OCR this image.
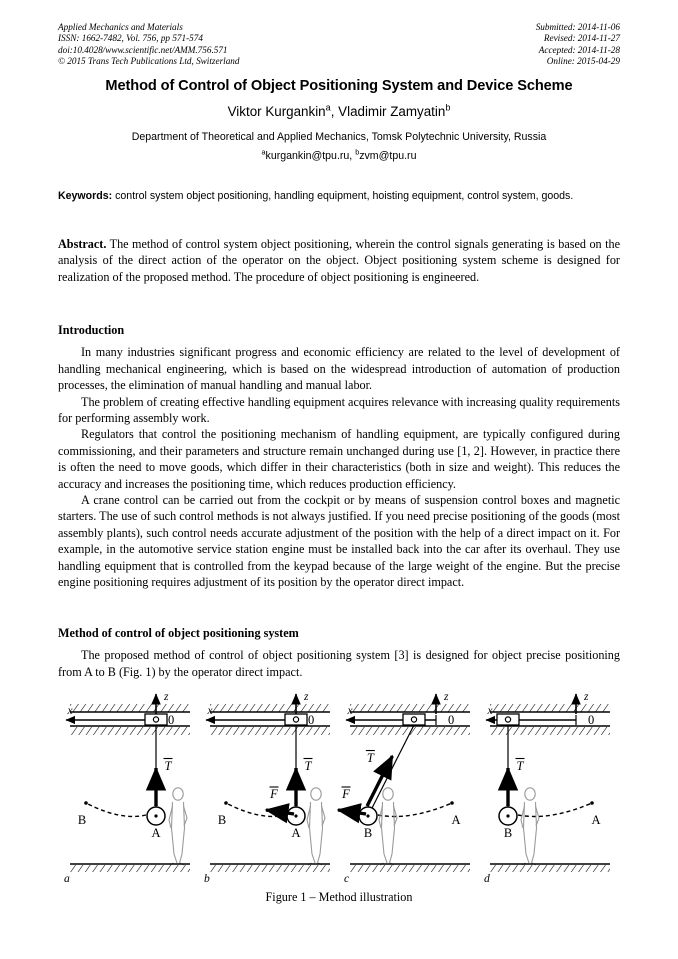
Applied Mechanics and Materials
ISSN: 1662-7482, Vol. 756, pp 571-574
doi:10.4028/www.scientific.net/AMM.756.571
© 2015 Trans Tech Publications Ltd, Switzerland
Submitted: 2014-11-06
Revised: 2014-11-27
Accepted: 2014-11-28
Online: 2015-04-29
Method of Control of Object Positioning System and Device Scheme
Viktor Kurgankin$^a$, Vladimir Zamyatin$^b$
Department of Theoretical and Applied Mechanics, Tomsk Polytechnic University, Russia
$^a$kurgankin@tpu.ru, $^b$zvm@tpu.ru
Keywords: control system object positioning, handling equipment, hoisting equipment, control system, goods.
Abstract. The method of control system object positioning, wherein the control signals generating is based on the analysis of the direct action of the operator on the object. Object positioning system scheme is designed for realization of the proposed method. The procedure of object positioning is engineered.
Introduction

In many industries significant progress and economic efficiency are related to the level of development of handling mechanical engineering, which is based on the widespread introduction of automation of production processes, the elimination of manual handling and manual labor.

The problem of creating effective handling equipment acquires relevance with increasing quality requirements for performing assembly work.

Regulators that control the positioning mechanism of handling equipment, are typically configured during commissioning, and their parameters and structure remain unchanged during use [1, 2]. However, in practice there is often the need to move goods, which differ in their characteristics (both in size and weight). This reduces the accuracy and increases the positioning time, which reduces production efficiency.

A crane control can be carried out from the cockpit or by means of suspension control boxes and magnetic starters. The use of such control methods is not always justified. If you need precise positioning of the goods (most assembly plants), such control needs accurate adjustment of the position with the help of a direct impact on it. For example, in the automotive service station engine must be installed back into the car after its overhaul. They use handling equipment that is controlled from the keypad because of the large weight of the engine. But the precise engine positioning requires adjustment of its position by the operator direct impact.

Method of control of object positioning system

The proposed method of control of object positioning system [3] is designed for object precise positioning from A to B (Fig. 1) by the operator direct impact.

z
x
0
T
A
B
z
x
0
T
A
B
F
z
x
0
T
B
A
F
z
x
0
T
B
A
a	b	c	d
Figure 1 – Method illustration
